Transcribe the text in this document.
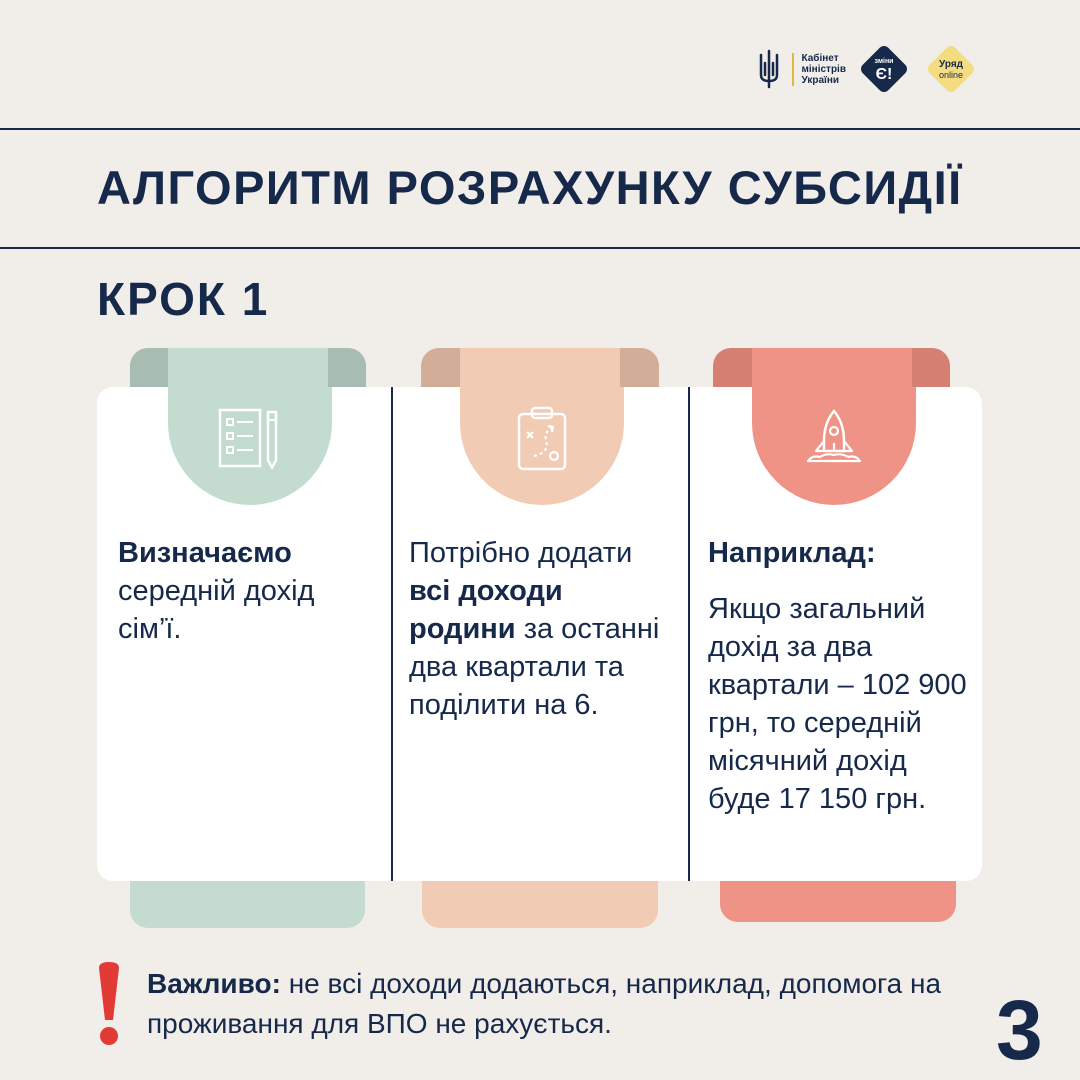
Кабінет
міністрів
України
зміни
Є!
Уряд
online
АЛГОРИТМ РОЗРАХУНКУ СУБСИДІЇ
КРОК 1
Визначаємо
середній дохід сім’ї.
Потрібно додати всі доходи родини за останні два квартали та поділити на 6.
Наприклад:
Якщо загальний дохід за два квартали – 102 900 грн, то середній місячний дохід буде 17 150 грн.
Важливо: не всі доходи додаються, наприклад, допомога на проживання для ВПО не рахується.	3
